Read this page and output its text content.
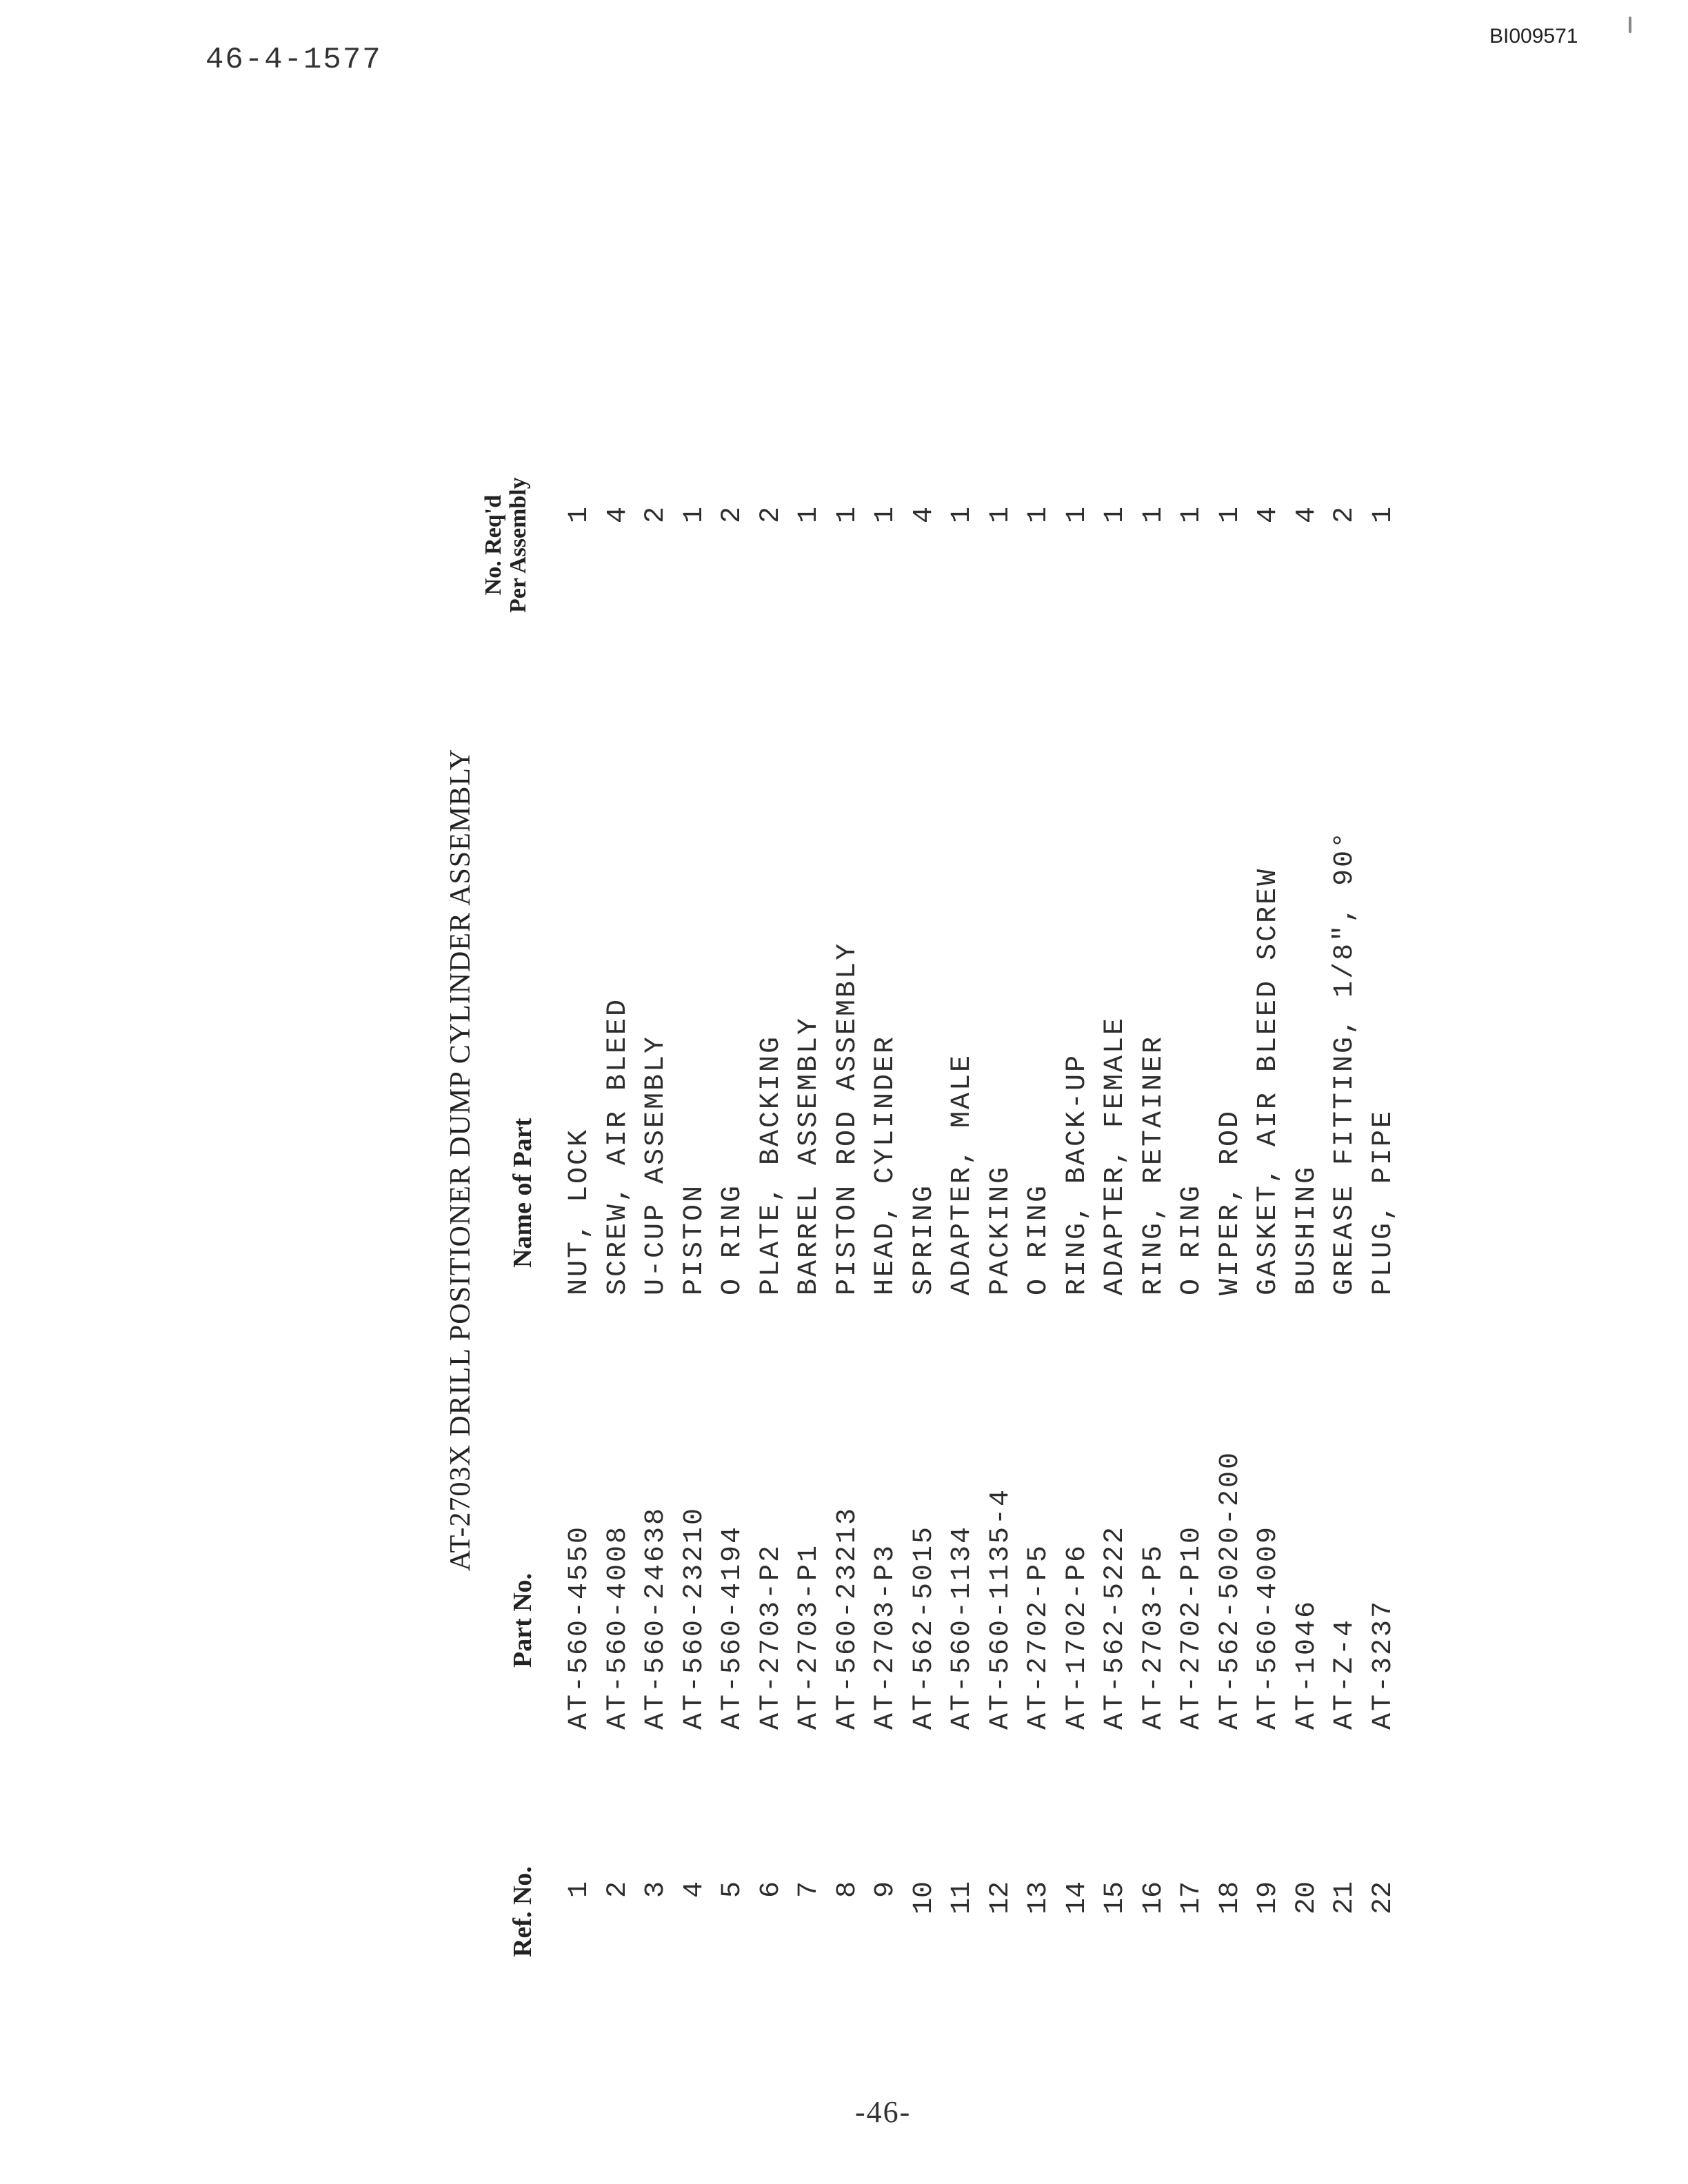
46-4-1577
BI009571
AT-2703X DRILL POSITIONER DUMP CYLINDER ASSEMBLY
Ref. No.
Part No.
Name of Part
No. Req'd Per Assembly
1
AT-560-4550
NUT, LOCK
1
2
AT-560-4008
SCREW, AIR BLEED
4
3
AT-560-24638
U-CUP ASSEMBLY
2
4
AT-560-23210
PISTON
1
5
AT-560-4194
O RING
2
6
AT-2703-P2
PLATE, BACKING
2
7
AT-2703-P1
BARREL ASSEMBLY
1
8
AT-560-23213
PISTON ROD ASSEMBLY
1
9
AT-2703-P3
HEAD, CYLINDER
1
10
AT-562-5015
SPRING
4
11
AT-560-1134
ADAPTER, MALE
1
12
AT-560-1135-4
PACKING
1
13
AT-2702-P5
O RING
1
14
AT-1702-P6
RING, BACK-UP
1
15
AT-562-5222
ADAPTER, FEMALE
1
16
AT-2703-P5
RING, RETAINER
1
17
AT-2702-P10
O RING
1
18
AT-562-5020-200
WIPER, ROD
1
19
AT-560-4009
GASKET, AIR BLEED SCREW
4
20
AT-1046
BUSHING
4
21
AT-Z-4
GREASE FITTING, 1/8", 90°
2
22
AT-3237
PLUG, PIPE
1
-46-
